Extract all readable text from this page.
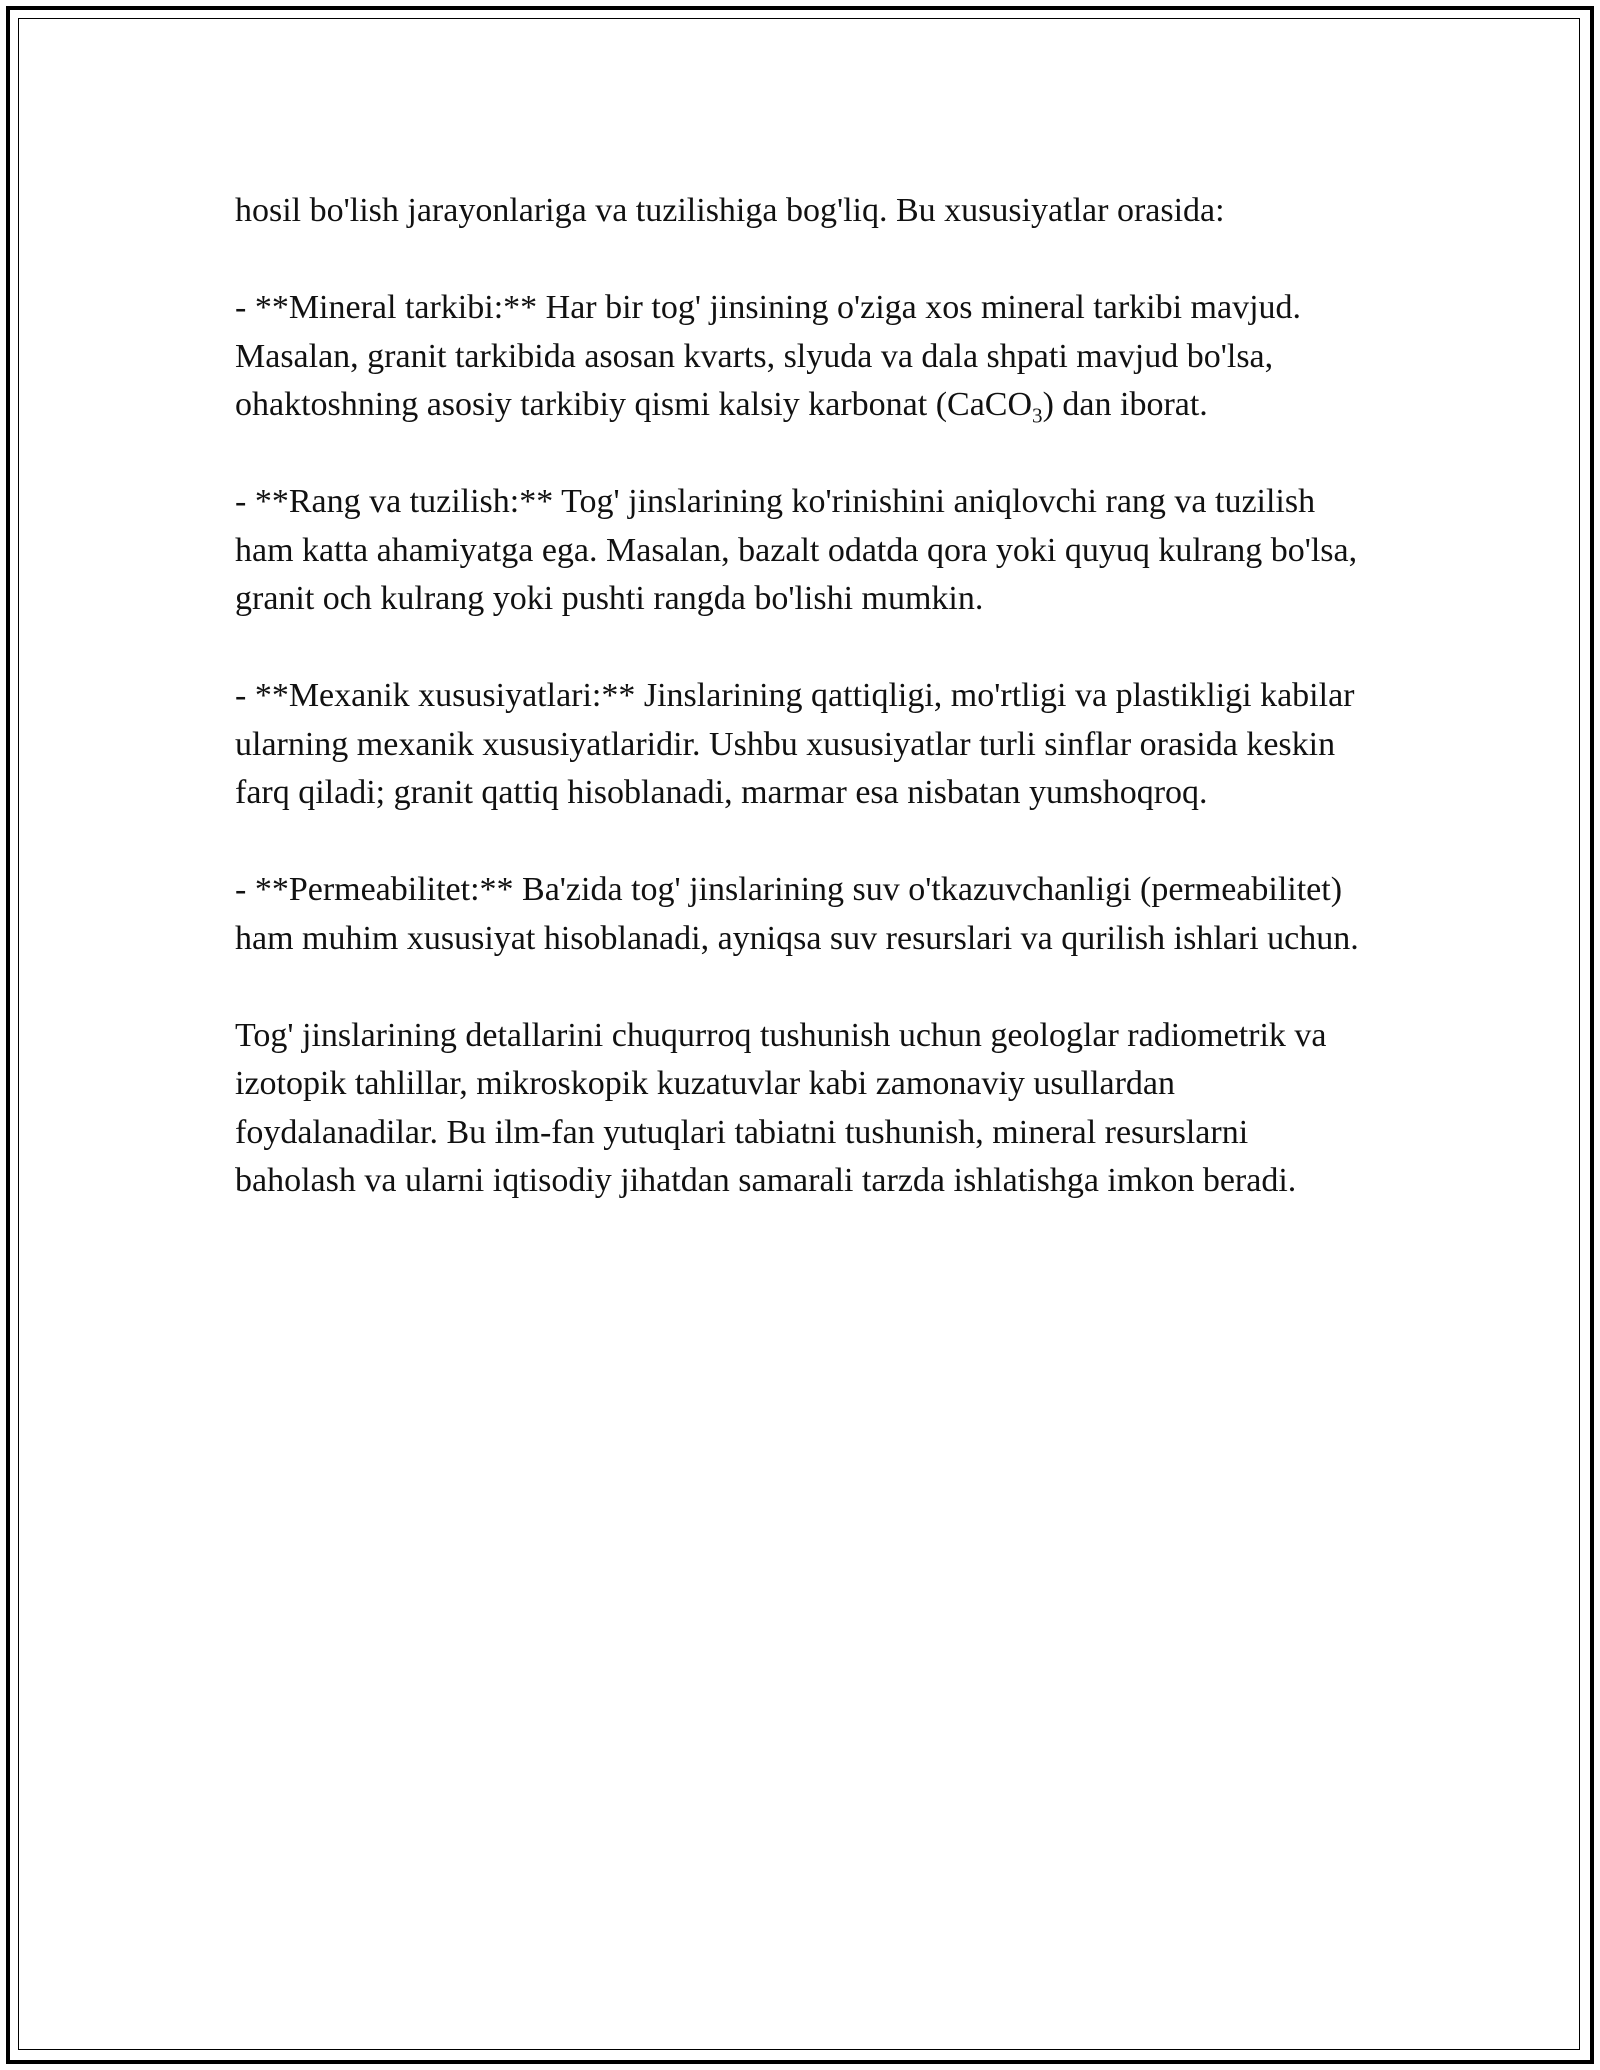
hosil bo'lish jarayonlariga va tuzilishiga bog'liq. Bu xususiyatlar orasida:

- **Mineral tarkibi:** Har bir tog' jinsining o'ziga xos mineral tarkibi mavjud. Masalan, granit tarkibida asosan kvarts, slyuda va dala shpati mavjud bo'lsa, ohaktoshning asosiy tarkibiy qismi kalsiy karbonat (CaCO$_3$) dan iborat.

- **Rang va tuzilish:** Tog' jinslarining ko'rinishini aniqlovchi rang va tuzilish ham katta ahamiyatga ega. Masalan, bazalt odatda qora yoki quyuq kulrang bo'lsa, granit och kulrang yoki pushti rangda bo'lishi mumkin.

- **Mexanik xususiyatlari:** Jinslarining qattiqligi, mo'rtligi va plastikligi kabilar ularning mexanik xususiyatlaridir. Ushbu xususiyatlar turli sinflar orasida keskin farq qiladi; granit qattiq hisoblanadi, marmar esa nisbatan yumshoqroq.

- **Permeabilitet:** Ba'zida tog' jinslarining suv o'tkazuvchanligi (permeabilitet) ham muhim xususiyat hisoblanadi, ayniqsa suv resurslari va qurilish ishlari uchun.

Tog' jinslarining detallarini chuqurroq tushunish uchun geologlar radiometrik va izotopik tahlillar, mikroskopik kuzatuvlar kabi zamonaviy usullardan foydalanadilar. Bu ilm-fan yutuqlari tabiatni tushunish, mineral resurslarni baholash va ularni iqtisodiy jihatdan samarali tarzda ishlatishga imkon beradi.
